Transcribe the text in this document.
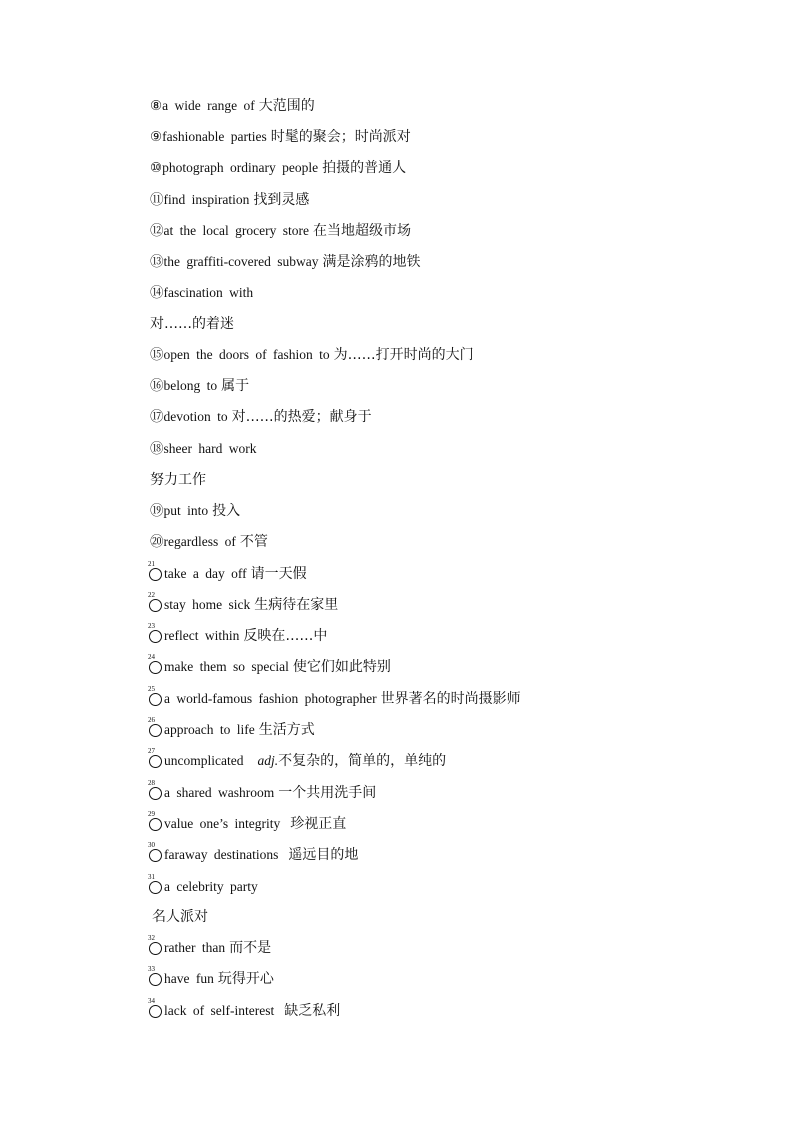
⑧a wide range of 大范围的
⑨fashionable parties 时髦的聚会；时尚派对
⑩photograph ordinary people 拍摄的普通人
⑪find inspiration 找到灵感
⑫at the local grocery store 在当地超级市场
⑬the graffiti-covered subway 满是涂鸦的地铁
⑭fascination with
对……的着迷
⑮open the doors of fashion to 为……打开时尚的大门
⑯belong to 属于
⑰devotion to 对……的热爱；献身于
⑱sheer hard work
努力工作
⑲put into 投入
⑳regardless of 不管
21
take a day off 请一天假
22
stay home sick 生病待在家里
23
reflect within 反映在……中
24
make them so special 使它们如此特别
25
a world-famous fashion photographer 世界著名的时尚摄影师
26
approach to life 生活方式
27
uncomplicated adj.不复杂的，简单的，单纯的
28
a shared washroom 一个共用洗手间
29
value one’s integrity 珍视正直
30
faraway destinations 遥远目的地
31
a celebrity party
名人派对
32
rather than 而不是
33
have fun 玩得开心
34
lack of self-interest 缺乏私利
